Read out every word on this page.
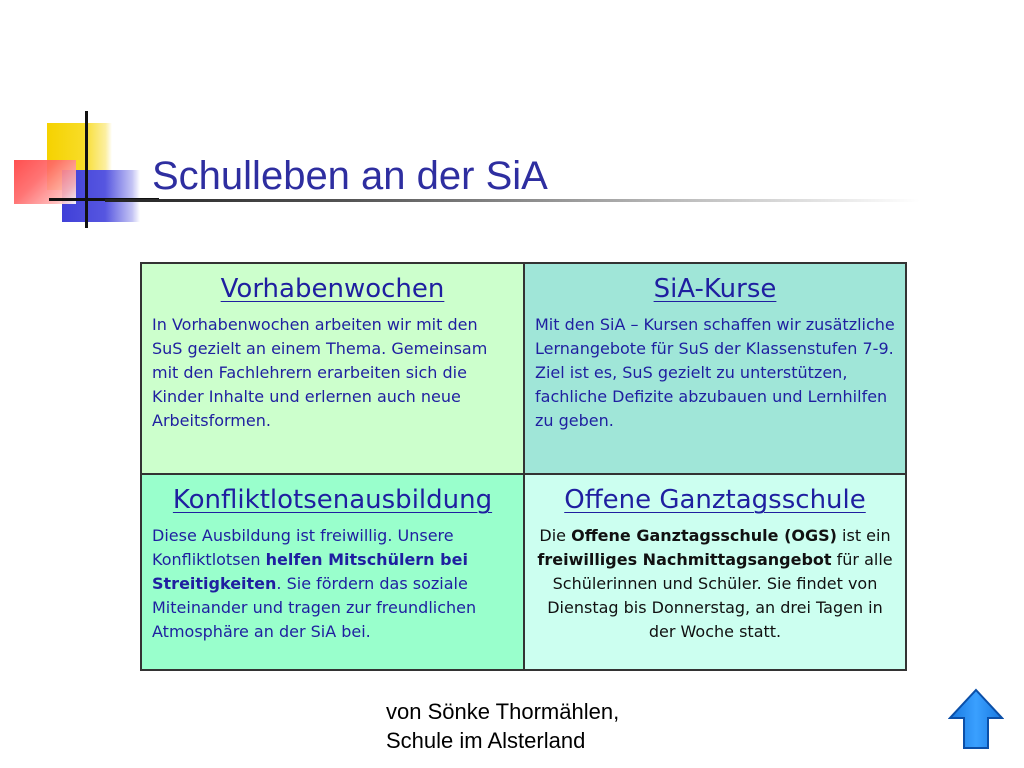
Schulleben an der SiA
Vorhabenwochen

In Vorhabenwochen arbeiten wir mit den SuS gezielt an einem Thema. Gemeinsam mit den Fachlehrern erarbeiten sich die Kinder Inhalte und erlernen auch neue Arbeitsformen.

SiA-Kurse

Mit den SiA – Kursen schaffen wir zusätzliche Lernangebote für SuS der Klassenstufen 7-9. Ziel ist es, SuS gezielt zu unterstützen, fachliche Defizite abzubauen und Lernhilfen zu geben.

Konfliktlotsenausbildung

Diese Ausbildung ist freiwillig. Unsere Konfliktlotsen helfen Mitschülern bei Streitigkeiten. Sie fördern das soziale Miteinander und tragen zur freundlichen Atmosphäre an der SiA bei.

Offene Ganztagsschule

Die Offene Ganztagsschule (OGS) ist ein freiwilliges Nachmittagsangebot für alle Schülerinnen und Schüler. Sie findet von Dienstag bis Donnerstag, an drei Tagen in der Woche statt.

von Sönke Thormählen,
Schule im Alsterland
